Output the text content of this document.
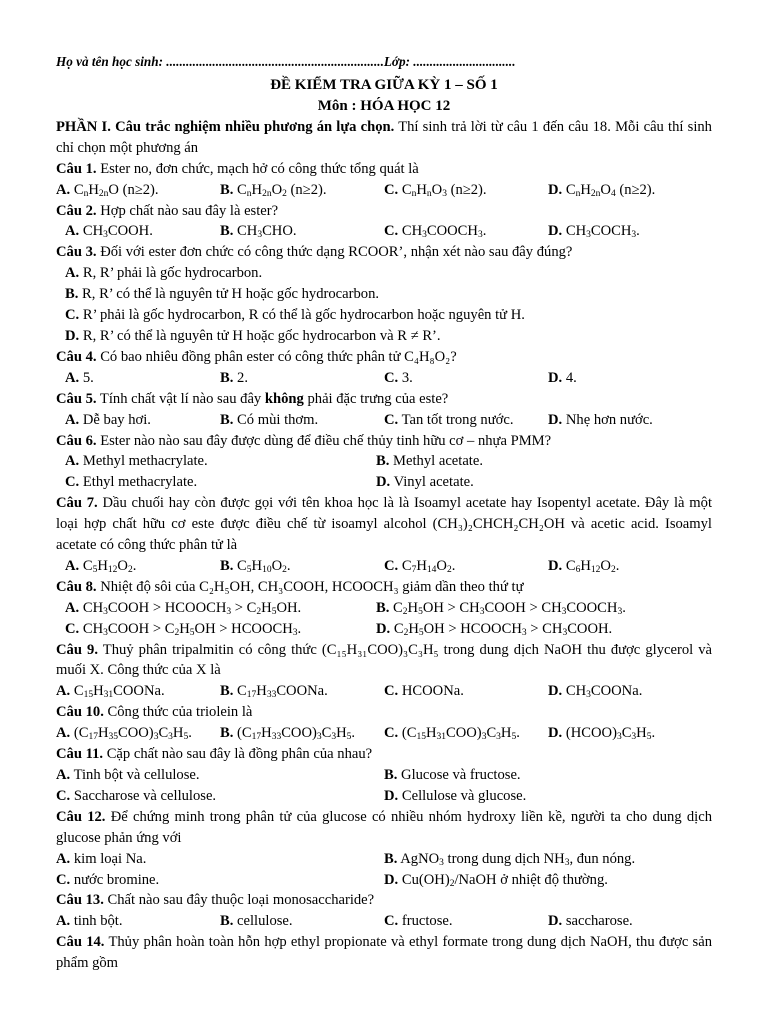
Họ và tên học sinh: ..................................................................Lớp: ...............................
ĐỀ KIỂM TRA GIỮA KỲ 1 – SỐ 1
Môn : HÓA HỌC 12
PHẦN I. Câu trắc nghiệm nhiều phương án lựa chọn. Thí sinh trả lời từ câu 1 đến câu 18. Mỗi câu thí sinh chỉ chọn một phương án
Câu 1. Ester no, đơn chức, mạch hở có công thức tổng quát là
A. $C_nH_{2n}O$ (n≥2).	B. $C_nH_{2n}O_2$ (n≥2).	C. $C_nH_nO_3$ (n≥2).	D. $C_nH_{2n}O_4$ (n≥2).
Câu 2. Hợp chất nào sau đây là ester?
A. $CH_3COOH$.	B. $CH_3CHO$.	C. $CH_3COOCH_3$.	D. $CH_3COCH_3$.
Câu 3. Đối với ester đơn chức có công thức dạng RCOOR’, nhận xét nào sau đây đúng?
A. R, R’ phải là gốc hydrocarbon.
B. R, R’ có thể là nguyên tử H hoặc gốc hydrocarbon.
C. R’ phải là gốc hydrocarbon, R có thể là gốc hydrocarbon hoặc nguyên tử H.
D. R, R’ có thể là nguyên tử H hoặc gốc hydrocarbon và R ≠ R’.
Câu 4. Có bao nhiêu đồng phân ester có công thức phân tử C₄H₈O₂?
A. 5.	B. 2.	C. 3.	D. 4.
Câu 5. Tính chất vật lí nào sau đây không phải đặc trưng của este?
A. Dễ bay hơi.	B. Có mùi thơm.	C. Tan tốt trong nước.	D. Nhẹ hơn nước.
Câu 6. Ester nào nào sau đây được dùng để điều chế thủy tinh hữu cơ – nhựa PMM?
A. Methyl methacrylate.	B. Methyl acetate.
C. Ethyl methacrylate.	D. Vinyl acetate.
Câu 7. Dầu chuối hay còn được gọi với tên khoa học là là Isoamyl acetate hay Isopentyl acetate. Đây là một loại hợp chất hữu cơ este được điều chế từ isoamyl alcohol (CH₃)₂CHCH₂CH₂OH và acetic acid. Isoamyl acetate có công thức phân tử là
A. $C_5H_{12}O_2$.	B. $C_5H_{10}O_2$.	C. $C_7H_{14}O_2$.	D. $C_6H_{12}O_2$.
Câu 8. Nhiệt độ sôi của C₂H₅OH, CH₃COOH, HCOOCH₃ giảm dần theo thứ tự
A. $CH_3COOH$ > $HCOOCH_3 > C_2H_5OH$.	B. $C_2H_5OH$ > $CH_3COOH$ > $CH_3COOCH_3$.
C. $CH_3COOH > C_2H_5OH$ > $HCOOCH_3$.	D. $C_2H_5OH$ > $HCOOCH_3$ > $CH_3COOH$.
Câu 9. Thuỷ phân tripalmitin có công thức (C₁₅H₃₁COO)₃C₃H₅ trong dung dịch NaOH thu được glycerol và muối X. Công thức của X là
A. $C_{15}H_{31}COONa$.	B. $C_{17}H_{33}COONa$.	C. HCOONa.	D. $CH_3COONa$.
Câu 10. Công thức của triolein là
A. $(C_{17}H_{35}COO)_3C_3H_5$.	B. $(C_{17}H_{33}COO)_3C_3H_5$.	C. $(C_{15}H_{31}COO)_3C_3H_5$.	D. $(HCOO)_3C_3H_5$.
Câu 11. Cặp chất nào sau đây là đồng phân của nhau?
A. Tinh bột và cellulose.	B. Glucose và fructose.
C. Saccharose và cellulose.	D. Cellulose và glucose.
Câu 12. Để chứng minh trong phân tử của glucose có nhiều nhóm hydroxy liền kề, người ta cho dung dịch glucose phản ứng với
A. kim loại Na.	B. AgNO$_3$ trong dung dịch $NH_3$, đun nóng.
C. nước bromine.	D. $Cu(OH)_2$/NaOH ở nhiệt độ thường.
Câu 13. Chất nào sau đây thuộc loại monosaccharide?
A. tinh bột.	B. cellulose.	C. fructose.	D. saccharose.
Câu 14. Thủy phân hoàn toàn hỗn hợp ethyl propionate và ethyl formate trong dung dịch NaOH, thu được sản phẩm gồm
